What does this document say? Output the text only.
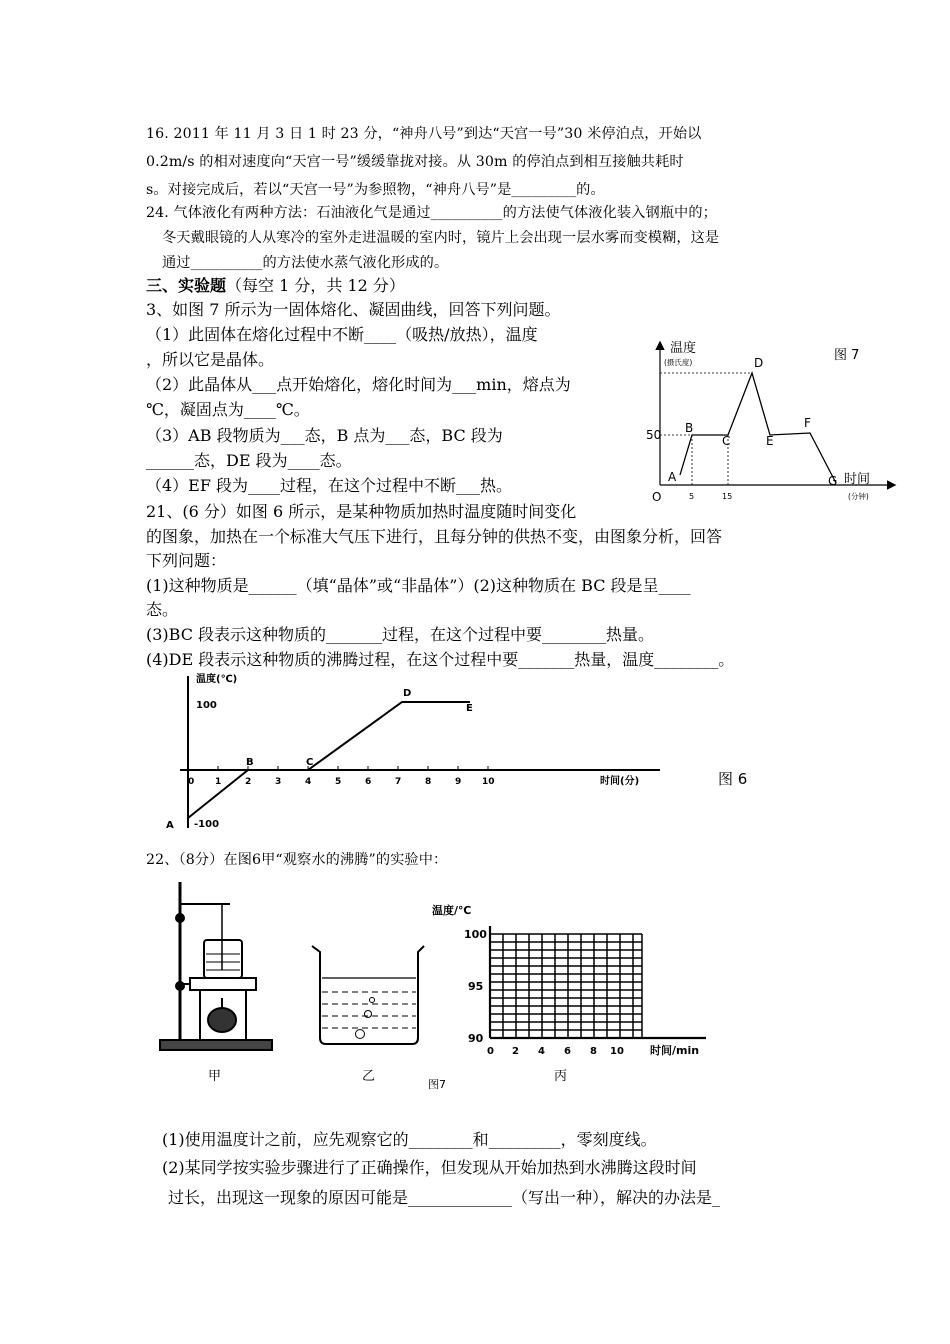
16. 2011 年 11 月 3 日 1 时 23 分，“神舟八号”到达“天宫一号”30 米停泊点，开始以
0.2m/s 的相对速度向“天宫一号”缓缓靠拢对接。从 30m 的停泊点到相互接触共耗时
s。对接完成后，若以“天宫一号”为参照物，“神舟八号”是_________的。
24. 气体液化有两种方法：石油液化气是通过__________的方法使气体液化装入钢瓶中的；
冬天戴眼镜的人从寒冷的室外走进温暖的室内时，镜片上会出现一层水雾而变模糊，这是
通过__________的方法使水蒸气液化形成的。
三、实验题（每空 1 分，共 12 分）
3、如图 7 所示为一固体熔化、凝固曲线，回答下列问题。
（1）此固体在熔化过程中不断____（吸热/放热），温度
，所以它是晶体。
（2）此晶体从___点开始熔化，熔化时间为___min，熔点为
℃，凝固点为____℃。
（3）AB 段物质为___态，B 点为___态，BC 段为
______态，DE 段为____态。
（4）EF 段为____过程，在这个过程中不断___热。
温度
(摄氏度)	图 7
50
O	5	15
时间
(分钟)
A
B
C
D
E
F
G
21、(6 分）如图 6 所示，是某种物质加热时温度随时间变化
的图象，加热在一个标准大气压下进行，且每分钟的供热不变，由图象分析，回答
下列问题：
(1)这种物质是______（填“晶体”或“非晶体”）(2)这种物质在 BC 段是呈____
态。
(3)BC 段表示这种物质的_______过程，在这个过程中要________热量。
(4)DE 段表示这种物质的沸腾过程，在这个过程中要_______热量，温度________。
温度(℃)
100
-100
0 1	2	3	4	5	6	7	8	9 10	时间(分)
A
B	C
D
E
图 6
22、（8分）在图6甲“观察水的沸腾”的实验中：
温度/℃
100
95
90
0 2 4 6 8 10 时间/min
甲	乙
图7
丙
(1)使用温度计之前，应先观察它的________和_________，零刻度线。
(2)某同学按实验步骤进行了正确操作，但发现从开始加热到水沸腾这段时间
过长，出现这一现象的原因可能是_____________（写出一种），解决的办法是_
